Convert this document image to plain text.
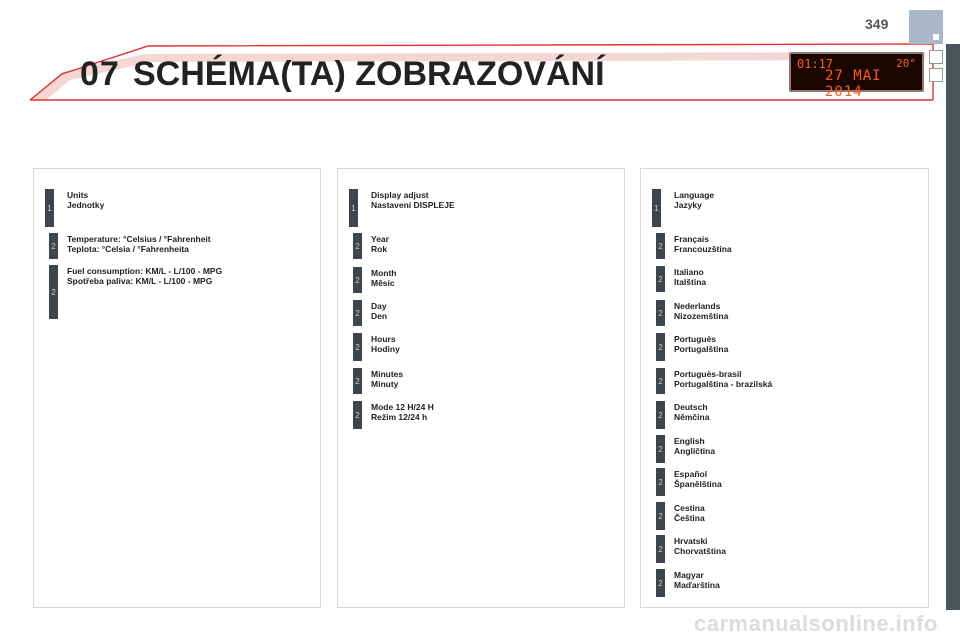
07 SCHÉMA(TA) ZOBRAZOVÁNÍ	01:17	20°
27 MAI 2014
349
1
Units
Jednotky
2
Temperature: °Celsius / °Fahrenheit
Teplota: °Celsia / °Fahrenheita
2
Fuel consumption: KM/L - L/100 - MPG
Spotřeba paliva: KM/L - L/100 - MPG
1
Display adjust
Nastavení DISPLEJE
2
Year
Rok
2
Month
Měsíc
2
Day
Den
2
Hours
Hodiny
2
Minutes
Minuty
2
Mode 12 H/24 H
Režim 12/24 h
1
Language
Jazyky
2
Français
Francouzština
2
Italiano
Italština
2
Nederlands
Nizozemština
2
Portuguès
Portugalština
2
Portuguès-brasil
Portugalština - brazilská
2
Deutsch
Němčina
2
English
Angličtina
2
Español
Španělština
2
Cestina
Čeština
2
Hrvatski
Chorvatština
2
Magyar
Maďarština
carmanualsonline.info
